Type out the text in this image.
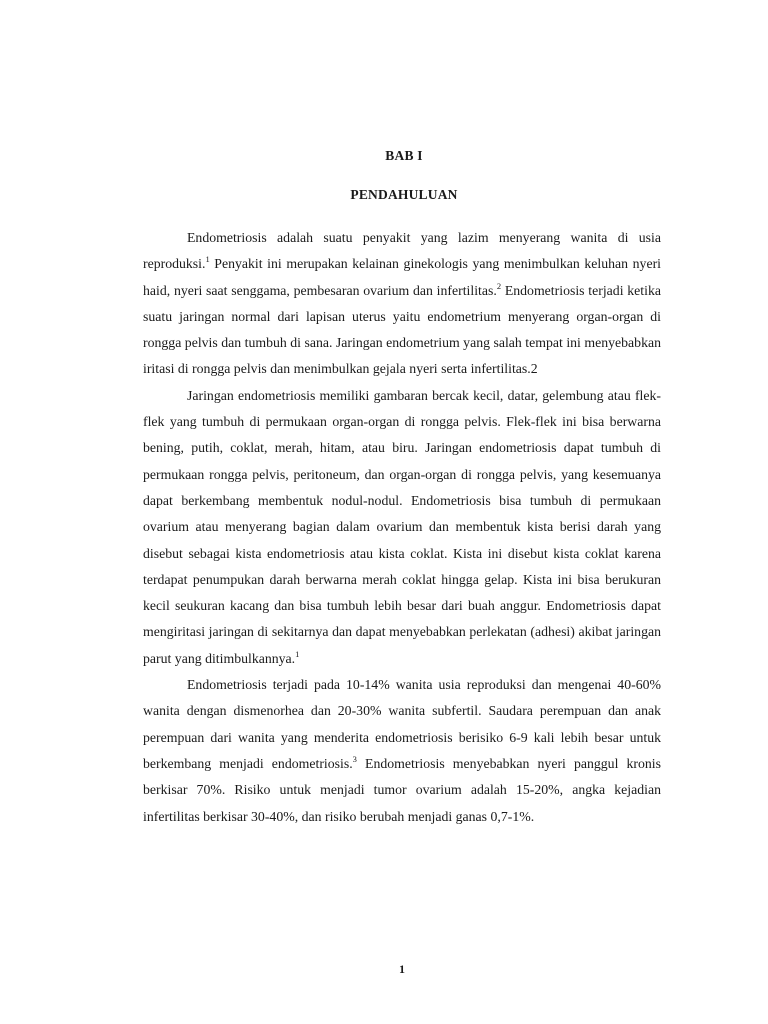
BAB I
PENDAHULUAN

Endometriosis adalah suatu penyakit yang lazim menyerang wanita di usia reproduksi.$^1$ Penyakit ini merupakan kelainan ginekologis yang menimbulkan keluhan nyeri haid, nyeri saat senggama, pembesaran ovarium dan infertilitas.$^2$ Endometriosis terjadi ketika suatu jaringan normal dari lapisan uterus yaitu endometrium menyerang organ-organ di rongga pelvis dan tumbuh di sana. Jaringan endometrium yang salah tempat ini menyebabkan iritasi di rongga pelvis dan menimbulkan gejala nyeri serta infertilitas.2

Jaringan endometriosis memiliki gambaran bercak kecil, datar, gelembung atau flek-flek yang tumbuh di permukaan organ-organ di rongga pelvis. Flek-flek ini bisa berwarna bening, putih, coklat, merah, hitam, atau biru. Jaringan endometriosis dapat tumbuh di permukaan rongga pelvis, peritoneum, dan organ-organ di rongga pelvis, yang kesemuanya dapat berkembang membentuk nodul-nodul. Endometriosis bisa tumbuh di permukaan ovarium atau menyerang bagian dalam ovarium dan membentuk kista berisi darah yang disebut sebagai kista endometriosis atau kista coklat. Kista ini disebut kista coklat karena terdapat penumpukan darah berwarna merah coklat hingga gelap. Kista ini bisa berukuran kecil seukuran kacang dan bisa tumbuh lebih besar dari buah anggur. Endometriosis dapat mengiritasi jaringan di sekitarnya dan dapat menyebabkan perlekatan (adhesi) akibat jaringan parut yang ditimbulkannya.$^1$

Endometriosis terjadi pada 10-14% wanita usia reproduksi dan mengenai 40-60% wanita dengan dismenorhea dan 20-30% wanita subfertil. Saudara perempuan dan anak perempuan dari wanita yang menderita endometriosis berisiko 6-9 kali lebih besar untuk berkembang menjadi endometriosis.$^3$ Endometriosis menyebabkan nyeri panggul kronis berkisar 70%. Risiko untuk menjadi tumor ovarium adalah 15-20%, angka kejadian infertilitas berkisar 30-40%, dan risiko berubah menjadi ganas 0,7-1%.

1
